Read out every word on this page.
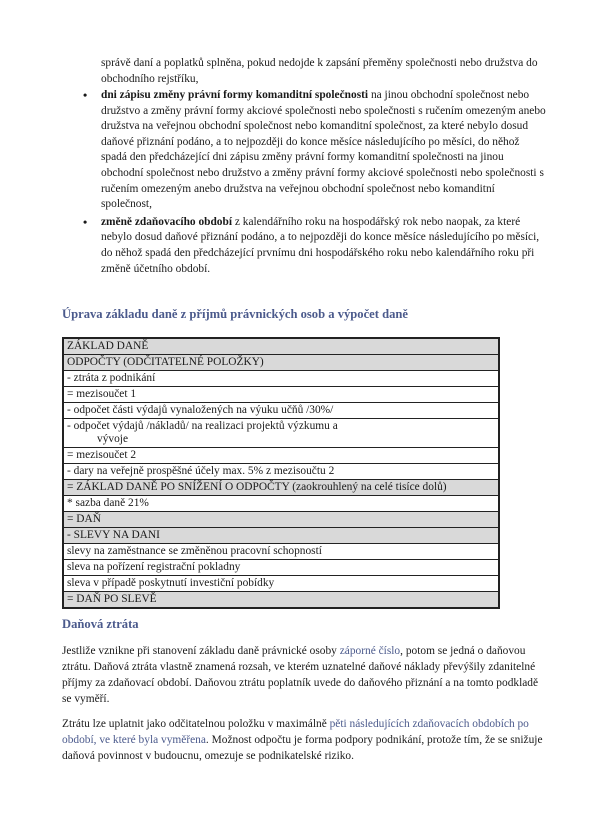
správě daní a poplatků splněna, pokud nedojde k zapsání přeměny společnosti nebo družstva do obchodního rejstříku,

• dni zápisu změny právní formy komanditní společnosti na jinou obchodní společnost nebo družstvo a změny právní formy akciové společnosti nebo společnosti s ručením omezeným anebo družstva na veřejnou obchodní společnost nebo komanditní společnost, za které nebylo dosud daňové přiznání podáno, a to nejpozději do konce měsíce následujícího po měsíci, do něhož spadá den předcházející dni zápisu změny právní formy komanditní společnosti na jinou obchodní společnost nebo družstvo a změny právní formy akciové společnosti nebo společnosti s ručením omezeným anebo družstva na veřejnou obchodní společnost nebo komanditní společnost,
• změně zdaňovacího období z kalendářního roku na hospodářský rok nebo naopak, za které nebylo dosud daňové přiznání podáno, a to nejpozději do konce měsíce následujícího po měsíci, do něhož spadá den předcházející prvnímu dni hospodářského roku nebo kalendářního roku při změně účetního období.

Úprava základu daně z příjmů právnických osob a výpočet daně

ZÁKLAD DANĚ
ODPOČTY (ODČITATELNÉ POLOŽKY)
- ztráta z podnikání
= mezisoučet 1
- odpočet části výdajů vynaložených na výuku učňů /30%/
- odpočet výdajů /nákladů/ na realizaci projektů výzkumu a
vývoje

= mezisoučet 2
- dary na veřejně prospěšné účely max. 5% z mezisoučtu 2
= ZÁKLAD DANĚ PO SNÍŽENÍ O ODPOČTY (zaokrouhlený na celé tisíce dolů)
* sazba daně 21%
= DAŇ
- SLEVY NA DANI
slevy na zaměstnance se změněnou pracovní schopností
sleva na pořízení registrační pokladny
sleva v případě poskytnutí investiční pobídky
= DAŇ PO SLEVĚ

Daňová ztráta

Jestliže vznikne při stanovení základu daně právnické osoby záporné číslo, potom se jedná o daňovou ztrátu. Daňová ztráta vlastně znamená rozsah, ve kterém uznatelné daňové náklady převýšily zdanitelné příjmy za zdaňovací období. Daňovou ztrátu poplatník uvede do daňového přiznání a na tomto podkladě se vyměří.

Ztrátu lze uplatnit jako odčitatelnou položku v maximálně pěti následujících zdaňovacích obdobích po období, ve které byla vyměřena. Možnost odpočtu je forma podpory podnikání, protože tím, že se snižuje daňová povinnost v budoucnu, omezuje se podnikatelské riziko.
